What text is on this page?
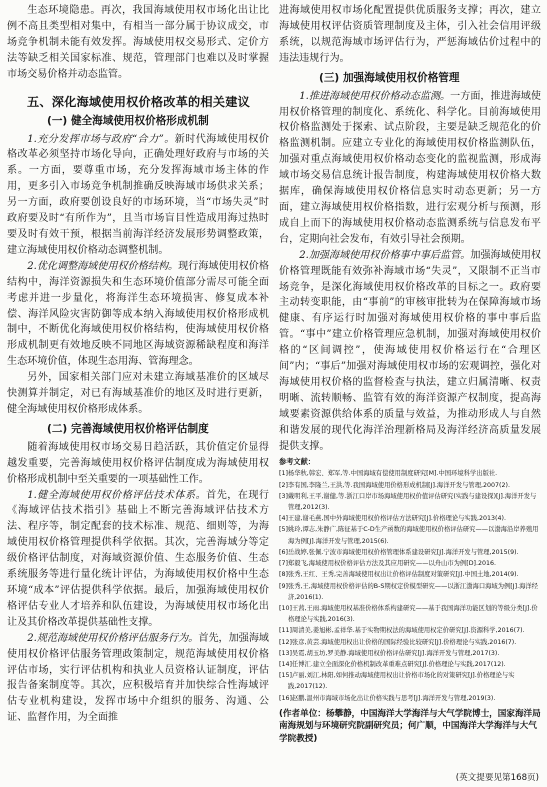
生态环境隐患。再次，我国海域使用权市场化出让比例不高且类型相对集中，有相当一部分属于协议成交，市场竞争机制未能有效发挥。海域使用权交易形式、定价方法等缺乏相关国家标准、规范，管理部门也难以及时掌握市场交易价格并动态监管。

五、深化海域使用权价格改革的相关建议
(一) 健全海域使用权价格形成机制

1.充分发挥市场与政府“合力”。新时代海域使用权价格改革必须坚持市场化导向，正确处理好政府与市场的关系。一方面，要尊重市场，充分发挥海域市场主体的作用，更多引入市场竞争机制推确反映海域市场供求关系；另一方面，政府要创设良好的市场环境，当“市场失灵”时政府要及时“有所作为”，且当市场盲目性造成用海过热时要及时有效干预，根据当前海洋经济发展形势调整政策，建立海域使用权价格动态调整机制。

2.优化调整海域使用权价格结构。现行海域使用权价格结构中，海洋资源损失和生态环境价值部分需尽可能全面考虑并进一步量化，将海洋生态环境损害、修复成本补偿、海洋风险灾害防御等成本纳入海域使用权价格形成机制中，不断优化海域使用权价格结构，使海域使用权价格形成机制更有效地反映不同地区海域资源稀缺程度和海洋生态环境价值，体现生态用海、管海理念。

另外，国家相关部门应对未建立海域基准价的区域尽快测算并制定，对已有海域基准价的地区及时进行更新，健全海域使用权价格形成体系。

(二) 完善海域使用权价格评估制度

随着海域使用权市场交易日趋活跃，其价值定价显得越发重要，完善海域使用权价格评估制度成为海域使用权价格形成机制中至关重要的一项基础性工作。

1.健全海域使用权价格评估技术体系。首先，在现行《海域评估技术指引》基础上不断完善海域评估技术方法、程序等，制定配套的技术标准、规范、细则等，为海域使用权价格管理提供科学依据。其次，完善海域分等定级价格评估制度，对海域资源价值、生态服务价值、生态系统服务等进行量化统计评估，为海域使用权价格中生态环境“成本”评估提供科学依据。最后，加强海域使用权价格评估专业人才培养和队伍建设，为海域使用权市场化出让及其价格改革提供基础性支撑。

2.规范海域使用权价格评估服务行为。首先，加强海域使用权价格评估服务管理政策制定，规范海域使用权价格评估市场，实行评估机构和执业人员资格认证制度，评估报告备案制度等。其次，应积极培育并加快综合性海域评估专业机构建设，发挥市场中介组织的服务、沟通、公证、监督作用，为全面推

进海域使用权市场化配置提供优质服务支撑；再次，建立海域使用权评估资质管理制度及主体，引入社会信用评级系统，以规范海域市场评估行为，严惩海域估价过程中的违法违规行为。

(三) 加强海域使用权价格管理

1.推进海域使用权价格动态监测。一方面，推进海域使用权价格管理的制度化、系统化、科学化。目前海域使用权价格监测处于探索、试点阶段，主要是缺乏规范化的价格监测机制。应建立专业化的海域使用权价格监测队伍，加强对重点海域使用权价格动态变化的监视监测，形成海域市场交易信息统计报告制度，构建海域使用权价格大数据库，确保海域使用权价格信息实时动态更新；另一方面，建立海域使用权价格指数，进行宏观分析与预测，形成自上而下的海域使用权价格动态监测系统与信息发布平台，定期向社会发布，有效引导社会预期。

2.加强海域使用权价格事中事后监管。加强海域使用权价格管理既能有效弥补海域市场“失灵”，又限制不正当市场竞争，是深化海域使用权价格改革的目标之一。政府要主动转变职能，由“事前”的审核审批转为在保障海域市场健康、有序运行时加强对海域使用权价格的事中事后监管。“事中”建立价格管理应急机制，加强对海域使用权价格的“区间调控”，使海域使用权价格运行在“合理区间”内；“事后”加强对海域使用权市场的宏观调控，强化对海域使用权价格的监督检查与执法，建立归属清晰、权责明晰、流转顺畅、监管有效的海洋资源产权制度，提高海域要素资源供给体系的质量与效益，为推动形成人与自然和谐发展的现代化海洋治理新格局及海洋经济高质量发展提供支撑。

参考文献：

[1]杨华秋,韩宏、郑军,等.中国海域有偿使用制度研究[M].中国环境科学出版社.

[2]李有国,李隆兰,王洪,等.我国海域使用价格形成机制[J].海洋开发与管理,2007(2).

[3]戴明利,王平,谢健,等.浙江口岸市场海域使用权价值评估研究(实践与建设探)[J].海洋开发与管理,2012(3).

[4]王建,谢毛燕,国中外海域使用权价格评估方法研究[J].价格理论与实践,2013(4).

[5]姚玲,谭志,朱静广,陈征基于C-D生产函数的海域使用权价格评估研究——以渤海沿岸养殖用海为例[J].海洋开发与管理,2015(6).

[6]岳战婷,张佩.宁波市海域使用权价格管理体系建设研究[J].海洋开发与管理,2015(9).

[7]郑毅飞,海域使用权价格评估方法及其应用研究——以舟山市为例[D].2016.

[8]张秀,王红、王秀,完善海域使用权出让价格评估制度对策研究[J].中国土地,2014(9).

[9]张秀,王,海域使用权价格评估的B-S期权定价模型研究——以浙江渤海口海域为例[J].海洋经济,2016(1).

[10]王茜,王雨.海域使用权基准价格体系构建研究——基于我国海洋功能区划的等级分类[J].价格理论与实践,2016(3).

[11]周清美,姜旭彬,孟祥华.基于实物期权法的海域使用权定价研究[J].资源科学,2016(7).

[12]张彦,黄芸.海域使用权出让价格的国际经验比较研究[J].价格理论与实践,2016(7).

[13]吴霓,胡玉坊,罗美静.海域使用权价格评估研究[J].海洋开发与管理,2017(3).

[14]任博汇.建立全面深化价格机制改革重难点研究[J].价格理论与实践,2017(12).

[15]卢丽,刘江,林阳,如何推动海域使用权出让价格市场化的对策研究[J].价格理论与实践,2017(12).

[16]赵鹏,温州市海域市场化出让价格实践与思考[J].海洋开发与管理,2019(3).

(作者单位：杨攀静，中国海洋大学海洋与大气学院博士，国家海洋局南海规划与环境研究院副研究员；何广顺，中国海洋大学海洋与大气学院教授)

(英文提要见第168页)
